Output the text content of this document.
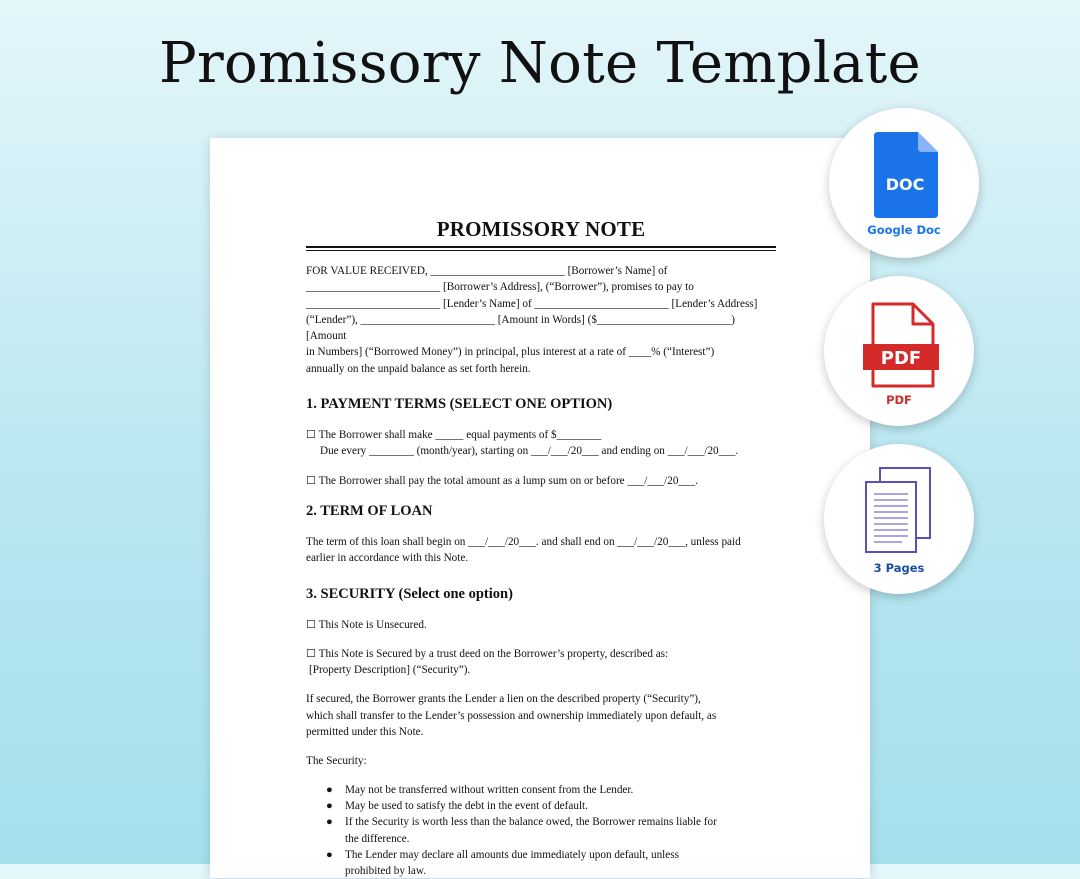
Promissory Note Template
PROMISSORY NOTE

FOR VALUE RECEIVED, ________________________ [Borrower’s Name] of

________________________ [Borrower’s Address], (“Borrower”), promises to pay to

________________________ [Lender’s Name] of ________________________ [Lender’s Address]

(“Lender”), ________________________ [Amount in Words] ($________________________) [Amount

in Numbers] (“Borrowed Money”) in principal, plus interest at a rate of ____% (“Interest”)

annually on the unpaid balance as set forth herein.

1. PAYMENT TERMS (SELECT ONE OPTION)

☐ The Borrower shall make _____ equal payments of $________

Due every ________ (month/year), starting on ___/___/20___ and ending on ___/___/20___.

☐ The Borrower shall pay the total amount as a lump sum on or before ___/___/20___.

2. TERM OF LOAN

The term of this loan shall begin on ___/___/20___. and shall end on ___/___/20___, unless paid

earlier in accordance with this Note.

3. SECURITY (Select one option)

☐ This Note is Unsecured.

☐ This Note is Secured by a trust deed on the Borrower’s property, described as:

[Property Description] (“Security”).

If secured, the Borrower grants the Lender a lien on the described property (“Security”),

which shall transfer to the Lender’s possession and ownership immediately upon default, as

permitted under this Note.

The Security:

● May not be transferred without written consent from the Lender.
● May be used to satisfy the debt in the event of default.
● If the Security is worth less than the balance owed, the Borrower remains liable for
the difference.
● The Lender may declare all amounts due immediately upon default, unless
prohibited by law.
DOC
Google Doc
PDF
PDF
3 Pages
